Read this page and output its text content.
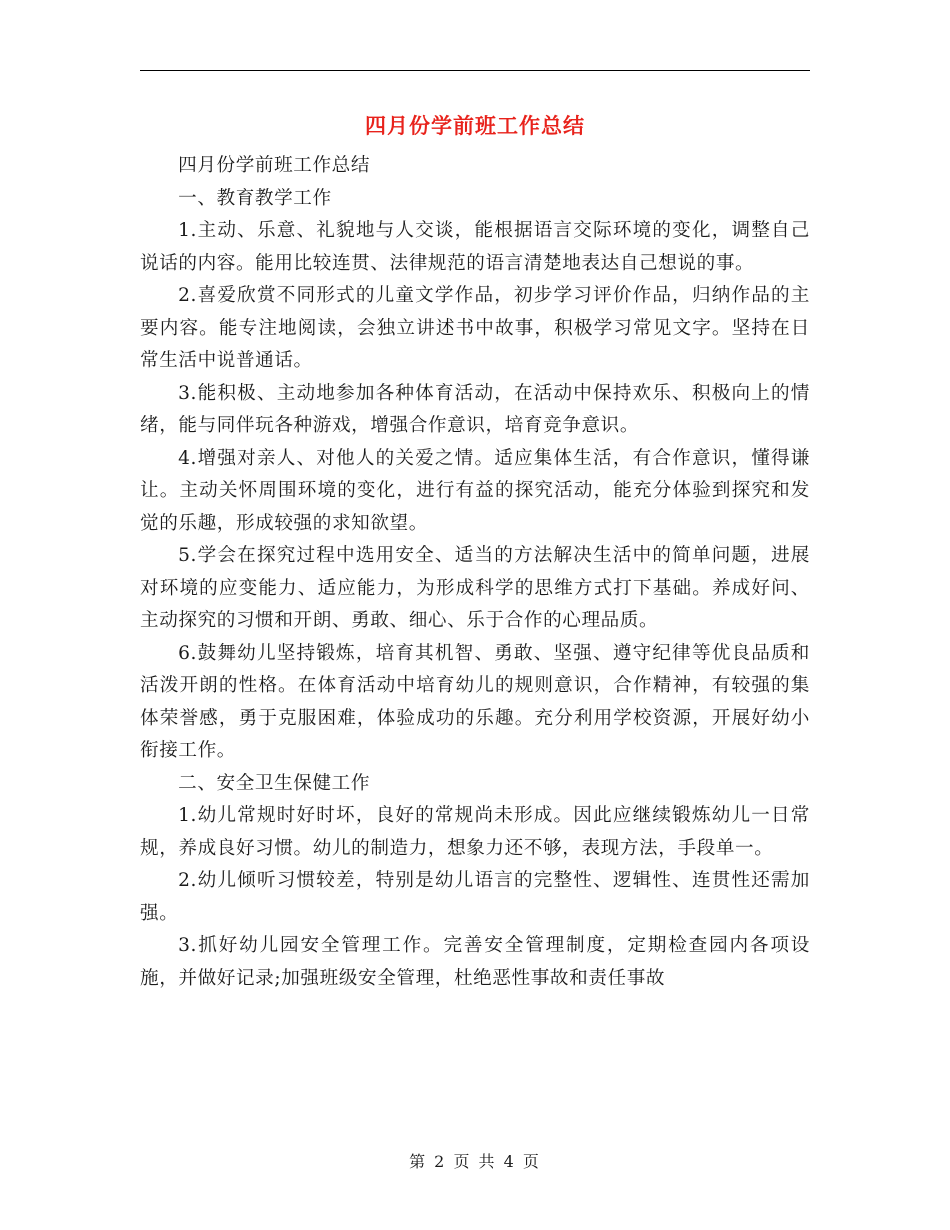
四月份学前班工作总结

四月份学前班工作总结

一、教育教学工作

1.主动、乐意、礼貌地与人交谈，能根据语言交际环境的变化，调整自己说话的内容。能用比较连贯、法律规范的语言清楚地表达自己想说的事。

2.喜爱欣赏不同形式的儿童文学作品，初步学习评价作品，归纳作品的主要内容。能专注地阅读，会独立讲述书中故事，积极学习常见文字。坚持在日常生活中说普通话。

3.能积极、主动地参加各种体育活动，在活动中保持欢乐、积极向上的情绪，能与同伴玩各种游戏，增强合作意识，培育竞争意识。

4.增强对亲人、对他人的关爱之情。适应集体生活，有合作意识，懂得谦让。主动关怀周围环境的变化，进行有益的探究活动，能充分体验到探究和发觉的乐趣，形成较强的求知欲望。

5.学会在探究过程中选用安全、适当的方法解决生活中的简单问题，进展对环境的应变能力、适应能力，为形成科学的思维方式打下基础。养成好问、主动探究的习惯和开朗、勇敢、细心、乐于合作的心理品质。

6.鼓舞幼儿坚持锻炼，培育其机智、勇敢、坚强、遵守纪律等优良品质和活泼开朗的性格。在体育活动中培育幼儿的规则意识，合作精神，有较强的集体荣誉感，勇于克服困难，体验成功的乐趣。充分利用学校资源，开展好幼小衔接工作。

二、安全卫生保健工作

1.幼儿常规时好时坏，良好的常规尚未形成。因此应继续锻炼幼儿一日常规，养成良好习惯。幼儿的制造力，想象力还不够，表现方法，手段单一。

2.幼儿倾听习惯较差，特别是幼儿语言的完整性、逻辑性、连贯性还需加强。

3.抓好幼儿园安全管理工作。完善安全管理制度，定期检查园内各项设施，并做好记录;加强班级安全管理，杜绝恶性事故和责任事故

第 2 页 共 4 页
